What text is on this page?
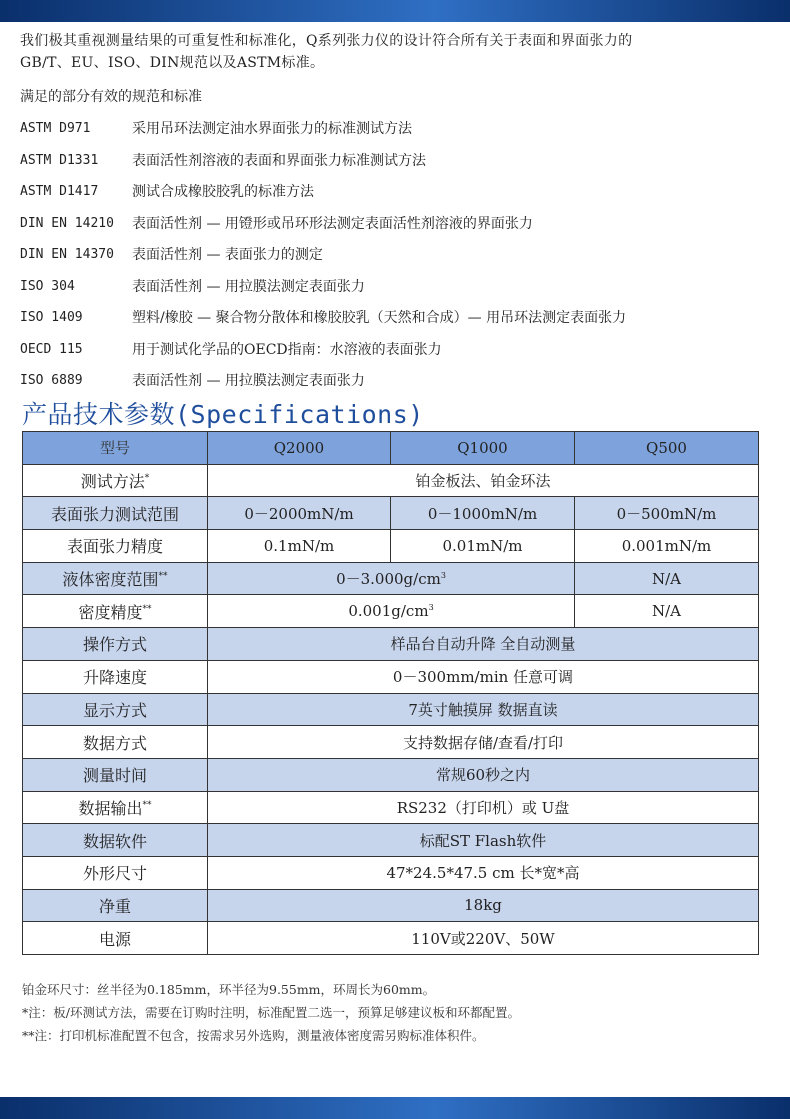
我们极其重视测量结果的可重复性和标准化，Q系列张力仪的设计符合所有关于表面和界面张力的
GB/T、EU、ISO、DIN规范以及ASTM标准。
满足的部分有效的规范和标准
ASTM D971	采用吊环法测定油水界面张力的标准测试方法
ASTM D1331	表面活性剂溶液的表面和界面张力标准测试方法
ASTM D1417	测试合成橡胶胶乳的标准方法
DIN EN 14210	表面活性剂 — 用镫形或吊环形法测定表面活性剂溶液的界面张力
DIN EN 14370	表面活性剂 — 表面张力的测定
ISO 304	表面活性剂 — 用拉膜法测定表面张力
ISO 1409	塑料/橡胶 — 聚合物分散体和橡胶胶乳（天然和合成）— 用吊环法测定表面张力
OECD 115	用于测试化学品的OECD指南：水溶液的表面张力
ISO 6889	表面活性剂 — 用拉膜法测定表面张力
产品技术参数(Specifications)
型号	Q2000	Q1000	Q500
测试方法*	铂金板法、铂金环法		
表面张力测试范围	0－2000mN/m	0－1000mN/m	0－500mN/m
表面张力精度	0.1mN/m	0.01mN/m	0.001mN/m
液体密度范围**	$0-3.000g/cm^3$		N/A
密度精度**	$0.001g/cm^3$		N/A
操作方式	样品台自动升降 全自动测量		
升降速度	0－300mm/min 任意可调		
显示方式	7英寸触摸屏 数据直读		
数据方式	支持数据存储/查看/打印		
测量时间	常规60秒之内		
数据输出**	RS232（打印机）或 U盘		
数据软件	标配ST Flash软件		
外形尺寸	47*24.5*47.5 cm 长*宽*高		
净重	18kg		
电源	110V或220V、50W		
铂金环尺寸：丝半径为0.185mm，环半径为9.55mm，环周长为60mm。
*注：板/环测试方法，需要在订购时注明，标准配置二选一，预算足够建议板和环都配置。
**注：打印机标准配置不包含，按需求另外选购，测量液体密度需另购标准体积件。
